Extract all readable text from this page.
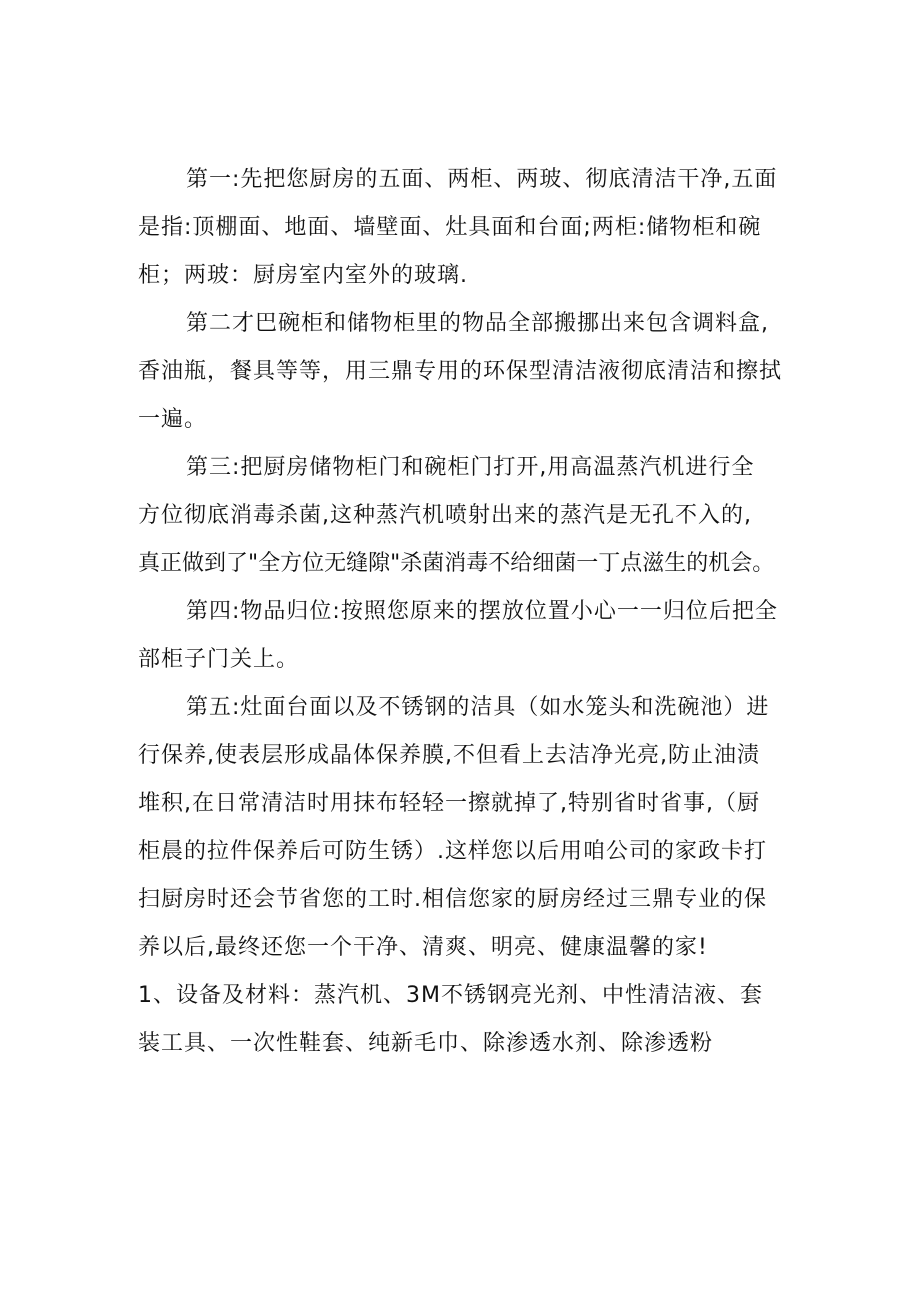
第一:先把您厨房的五面、两柜、两玻、彻底清洁干净,五面
是指:顶棚面、地面、墙壁面、灶具面和台面;两柜:储物柜和碗
柜；两玻：厨房室内室外的玻璃.
第二才巴碗柜和储物柜里的物品全部搬挪出来包含调料盒,
香油瓶，餐具等等，用三鼎专用的环保型清洁液彻底清洁和擦拭
一遍。
第三:把厨房储物柜门和碗柜门打开,用高温蒸汽机进行全
方位彻底消毒杀菌,这种蒸汽机喷射出来的蒸汽是无孔不入的,
真正做到了"全方位无缝隙"杀菌消毒不给细菌一丁点滋生的机会。
第四:物品归位:按照您原来的摆放位置小心一一归位后把全
部柜子门关上。
第五:灶面台面以及不锈钢的洁具（如水笼头和洗碗池）进
行保养,使表层形成晶体保养膜,不但看上去洁净光亮,防止油渍
堆积,在日常清洁时用抹布轻轻一擦就掉了,特别省时省事,（厨
柜晨的拉件保养后可防生锈）.这样您以后用咱公司的家政卡打
扫厨房时还会节省您的工时.相信您家的厨房经过三鼎专业的保
养以后,最终还您一个干净、清爽、明亮、健康温馨的家!
1、设备及材料：蒸汽机、3M不锈钢亮光剂、中性清洁液、套
装工具、一次性鞋套、纯新毛巾、除渗透水剂、除渗透粉
